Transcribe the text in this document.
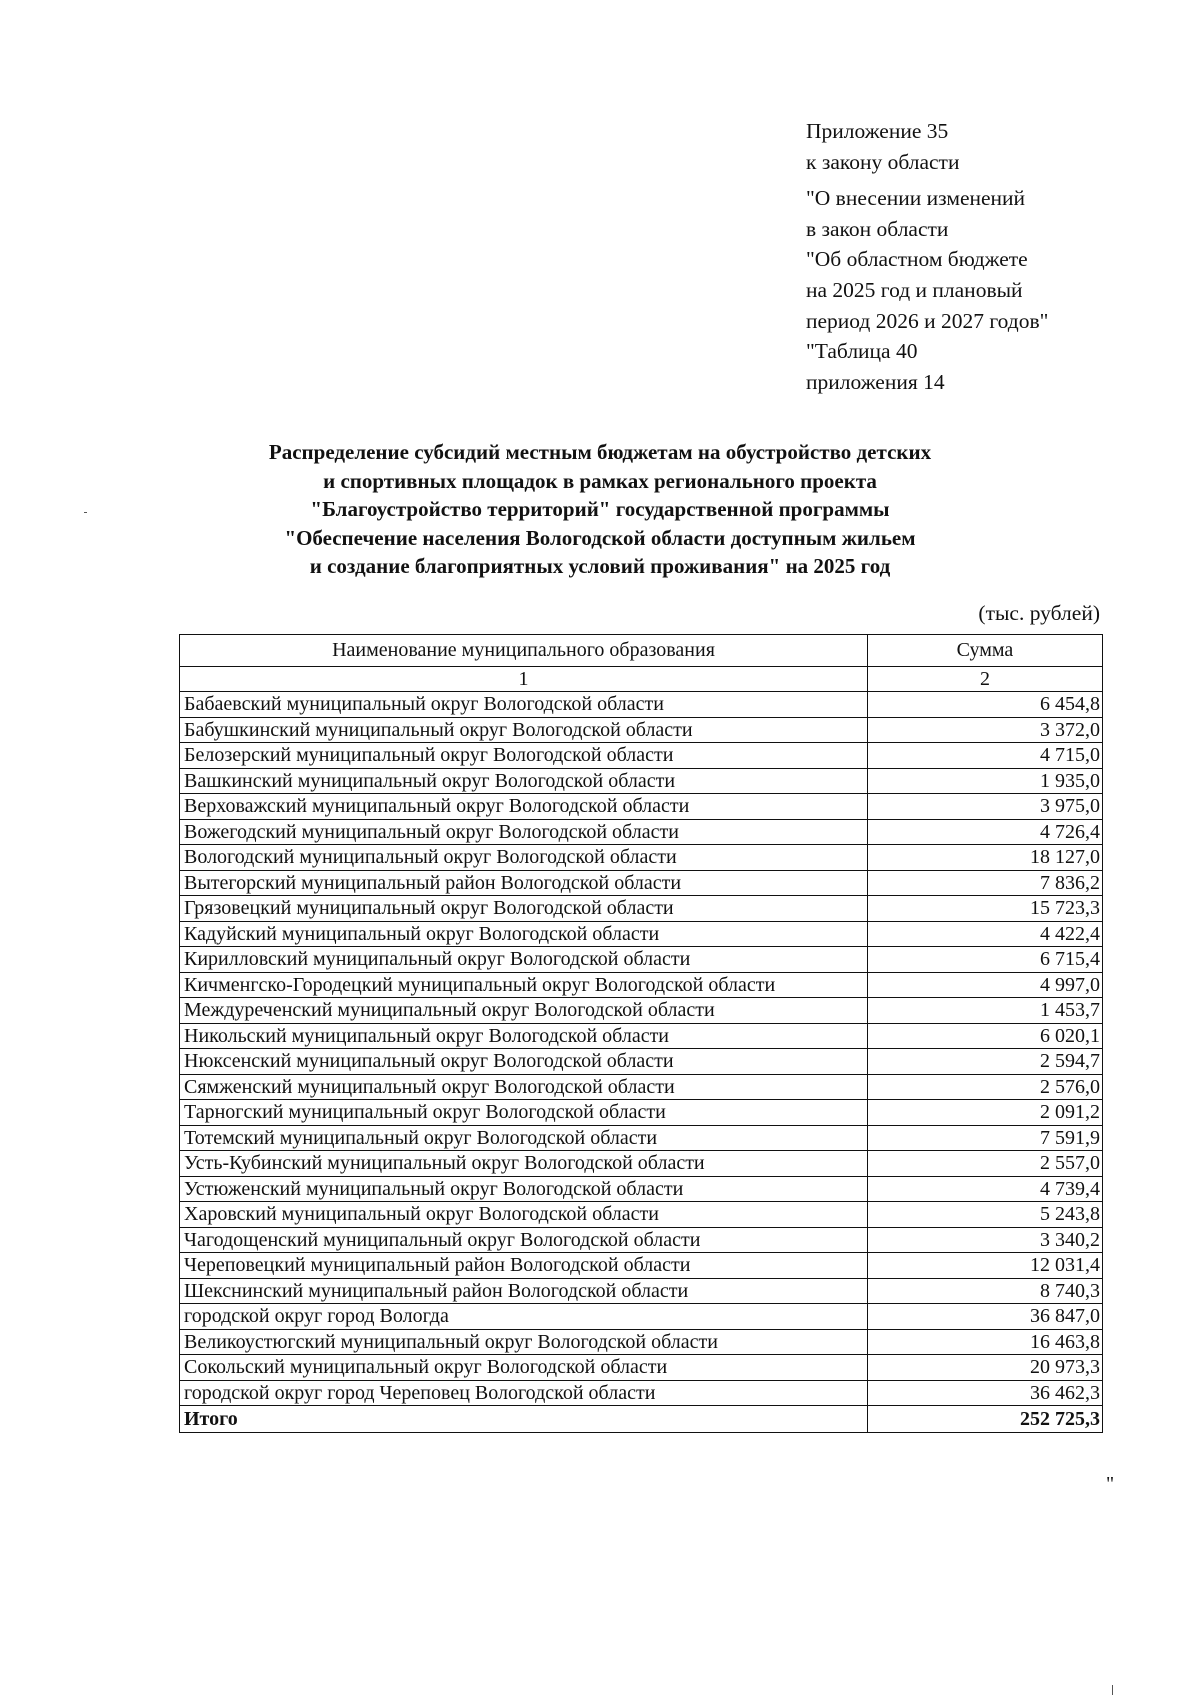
Приложение 35
к закону области
"О внесении изменений
в закон области
"Об областном бюджете
на 2025 год и плановый
период 2026 и 2027 годов"
"Таблица 40
приложения 14
Распределение субсидий местным бюджетам на обустройство детских
и спортивных площадок в рамках регионального проекта
"Благоустройство территорий" государственной программы
"Обеспечение населения Вологодской области доступным жильем
и создание благоприятных условий проживания" на 2025 год
(тыс. рублей)
Наименование муниципального образования	Сумма
1	2
Бабаевский муниципальный округ Вологодской области	6 454,8
Бабушкинский муниципальный округ Вологодской области	3 372,0
Белозерский муниципальный округ Вологодской области	4 715,0
Вашкинский муниципальный округ Вологодской области	1 935,0
Верховажский муниципальный округ Вологодской области	3 975,0
Вожегодский муниципальный округ Вологодской области	4 726,4
Вологодский муниципальный округ Вологодской области	18 127,0
Вытегорский муниципальный район Вологодской области	7 836,2
Грязовецкий муниципальный округ Вологодской области	15 723,3
Кадуйский муниципальный округ Вологодской области	4 422,4
Кирилловский муниципальный округ Вологодской области	6 715,4
Кичменгско-Городецкий муниципальный округ Вологодской области	4 997,0
Междуреченский муниципальный округ Вологодской области	1 453,7
Никольский муниципальный округ Вологодской области	6 020,1
Нюксенский муниципальный округ Вологодской области	2 594,7
Сямженский муниципальный округ Вологодской области	2 576,0
Тарногский муниципальный округ Вологодской области	2 091,2
Тотемский муниципальный округ Вологодской области	7 591,9
Усть-Кубинский муниципальный округ Вологодской области	2 557,0
Устюженский муниципальный округ Вологодской области	4 739,4
Харовский муниципальный округ Вологодской области	5 243,8
Чагодощенский муниципальный округ Вологодской области	3 340,2
Череповецкий муниципальный район Вологодской области	12 031,4
Шекснинский муниципальный район Вологодской области	8 740,3
городской округ город Вологда	36 847,0
Великоустюгский муниципальный округ Вологодской области	16 463,8
Сокольский муниципальный округ Вологодской области	20 973,3
городской округ город Череповец Вологодской области	36 462,3
Итого	252 725,3
"
